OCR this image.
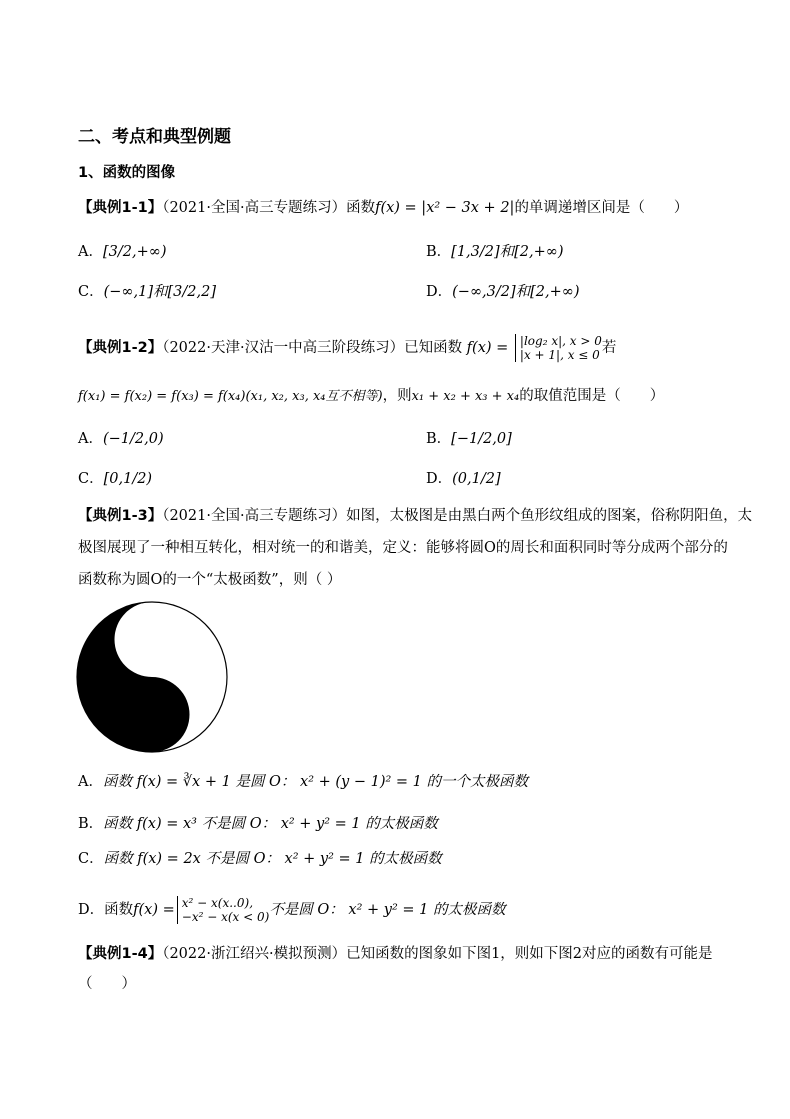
二、考点和典型例题
1、函数的图像
【典例1-1】（2021·全国·高三专题练习）函数f(x) = |x² − 3x + 2|的单调递增区间是（　　）
A．[3/2,+∞)	B．[1,3/2]和[2,+∞)
C．(−∞,1]和[3/2,2]	D．(−∞,3/2]和[2,+∞)
【典例1-2】（2022·天津·汉沽一中高三阶段练习）已知函数 f(x) = |log₂ x|, x > 0
|x + 1|, x ≤ 0 若
f(x₁) = f(x₂) = f(x₃) = f(x₄)(x₁, x₂, x₃, x₄互不相等)，则x₁ + x₂ + x₃ + x₄的取值范围是（　　）
A．(−1/2,0)	B．[−1/2,0]
C．[0,1/2)	D．(0,1/2]
【典例1-3】（2021·全国·高三专题练习）如图，太极图是由黑白两个鱼形纹组成的图案，俗称阴阳鱼，太
极图展现了一种相互转化，相对统一的和谐美，定义：能够将圆O的周长和面积同时等分成两个部分的
函数称为圆O的一个“太极函数”，则（ ）
A．函数 f(x) = ∛x + 1 是圆 O： x² + (y − 1)² = 1 的一个太极函数
B．函数 f(x) = x³ 不是圆 O： x² + y² = 1 的太极函数
C．函数 f(x) = 2x 不是圆 O： x² + y² = 1 的太极函数
D．函数f(x) = x² − x(x..0),
−x² − x(x < 0) 不是圆 O： x² + y² = 1 的太极函数
【典例1-4】（2022·浙江绍兴·模拟预测）已知函数的图象如下图1，则如下图2对应的函数有可能是
（　　）
